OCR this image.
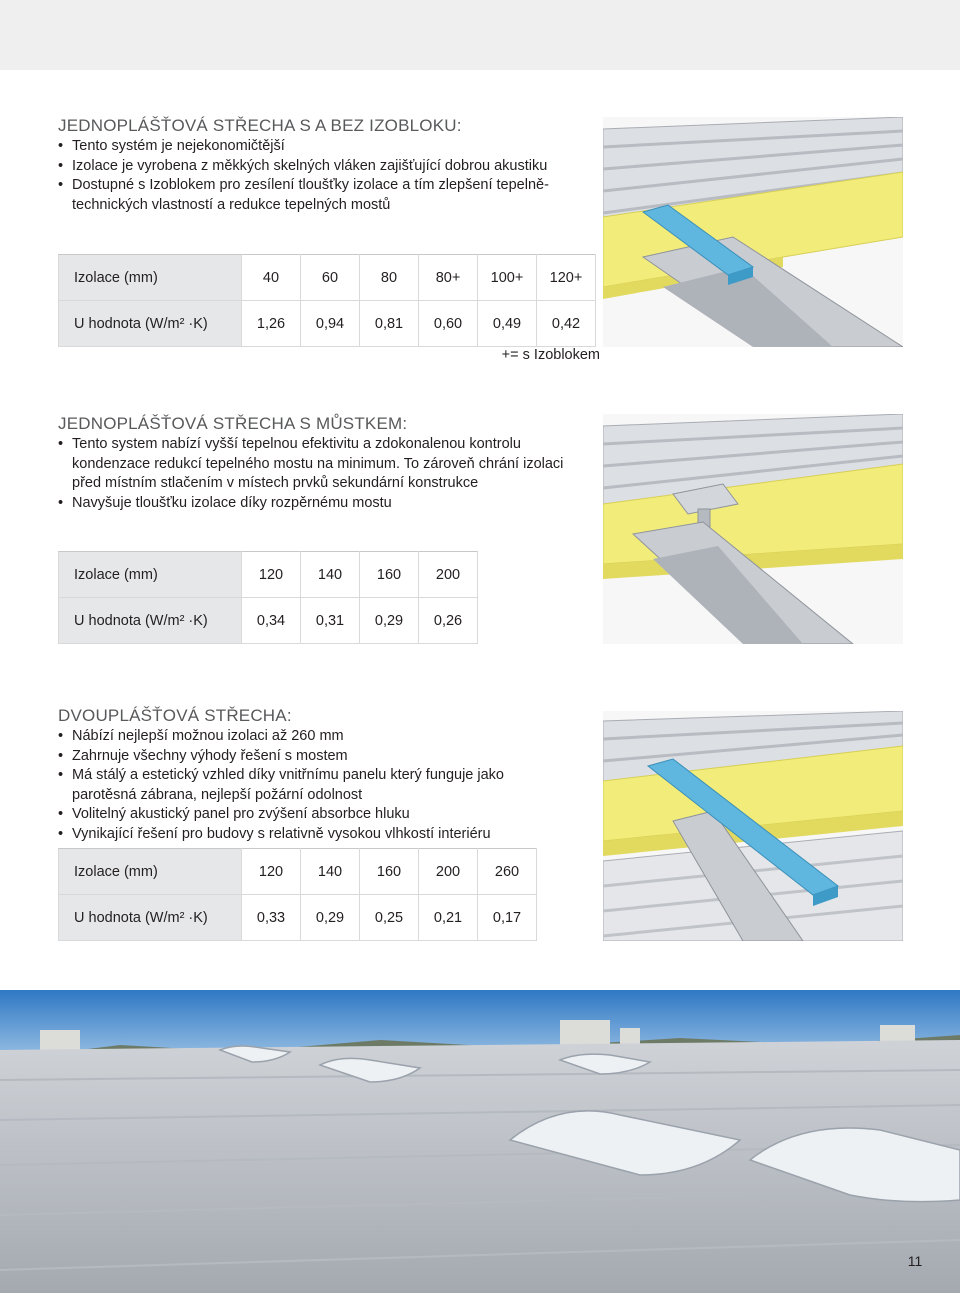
JEDNOPLÁŠŤOVÁ STŘECHA S A BEZ IZOBLOKU:
• Tento systém je nejekonomičtější
• Izolace je vyrobena z měkkých skelných vláken zajišťující dobrou akustiku
• Dostupné s Izoblokem pro zesílení tloušťky izolace a tím zlepšení tepelně-technických vlastností a redukce tepelných mostů
Izolace (mm)	40	60	80	80+	100+	120+
U hodnota (W/m² ·K)	1,26	0,94	0,81	0,60	0,49	0,42
+= s Izoblokem
JEDNOPLÁŠŤOVÁ STŘECHA S MŮSTKEM:
• Tento system nabízí vyšší tepelnou efektivitu a zdokonalenou kontrolu kondenzace redukcí tepelného mostu na minimum. To zároveň chrání izolaci před místním stlačením v místech prvků sekundární konstrukce
• Navyšuje tloušťku izolace díky rozpěrnému mostu
Izolace (mm)	120	140	160	200
U hodnota (W/m² ·K)	0,34	0,31	0,29	0,26
DVOUPLÁŠŤOVÁ STŘECHA:
• Nábízí nejlepší možnou izolaci až 260 mm
• Zahrnuje všechny výhody řešení s mostem
• Má stálý a estetický vzhled díky vnitřnímu panelu který funguje jako parotěsná zábrana, nejlepší požární odolnost
• Volitelný akustický panel pro zvýšení absorbce hluku
• Vynikající řešení pro budovy s relativně vysokou vlhkostí interiéru
Izolace (mm)	120	140	160	200	260
U hodnota (W/m² ·K)	0,33	0,29	0,25	0,21	0,17
11
